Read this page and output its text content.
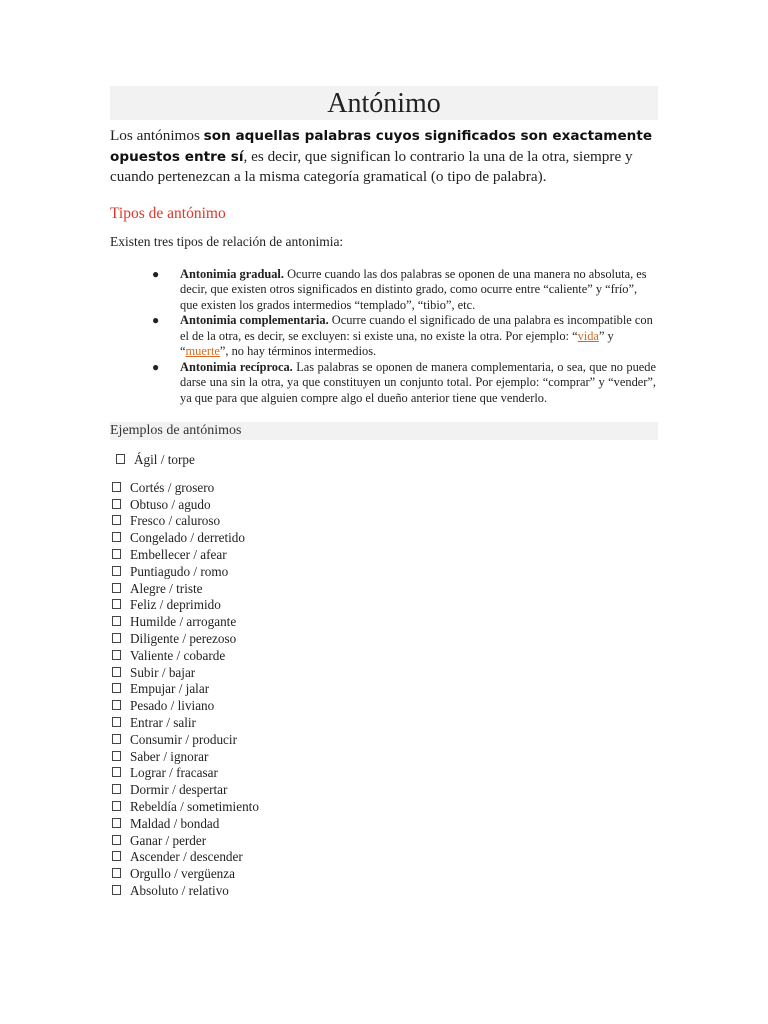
Antónimo

Los antónimos son aquellas palabras cuyos significados son exactamente opuestos entre sí, es decir, que significan lo contrario la una de la otra, siempre y cuando pertenezcan a la misma categoría gramatical (o tipo de palabra).

Tipos de antónimo
Existen tres tipos de relación de antonimia:
● Antonimia gradual. Ocurre cuando las dos palabras se oponen de una manera no absoluta, es decir, que existen otros significados en distinto grado, como ocurre entre “caliente” y “frío”, que existen los grados intermedios “templado”, “tibio”, etc.
● Antonimia complementaria. Ocurre cuando el significado de una palabra es incompatible con el de la otra, es decir, se excluyen: si existe una, no existe la otra. Por ejemplo: “vida” y “muerte”, no hay términos intermedios.
● Antonimia recíproca. Las palabras se oponen de manera complementaria, o sea, que no puede darse una sin la otra, ya que constituyen un conjunto total. Por ejemplo: “comprar” y “vender”, ya que para que alguien compre algo el dueño anterior tiene que venderlo.
Ejemplos de antónimos
Ágil / torpe
Cortés / grosero
Obtuso / agudo
Fresco / caluroso
Congelado / derretido
Embellecer / afear
Puntiagudo / romo
Alegre / triste
Feliz / deprimido
Humilde / arrogante
Diligente / perezoso
Valiente / cobarde
Subir / bajar
Empujar / jalar
Pesado / liviano
Entrar / salir
Consumir / producir
Saber / ignorar
Lograr / fracasar
Dormir / despertar
Rebeldía / sometimiento
Maldad / bondad
Ganar / perder
Ascender / descender
Orgullo / vergüenza
Absoluto / relativo
